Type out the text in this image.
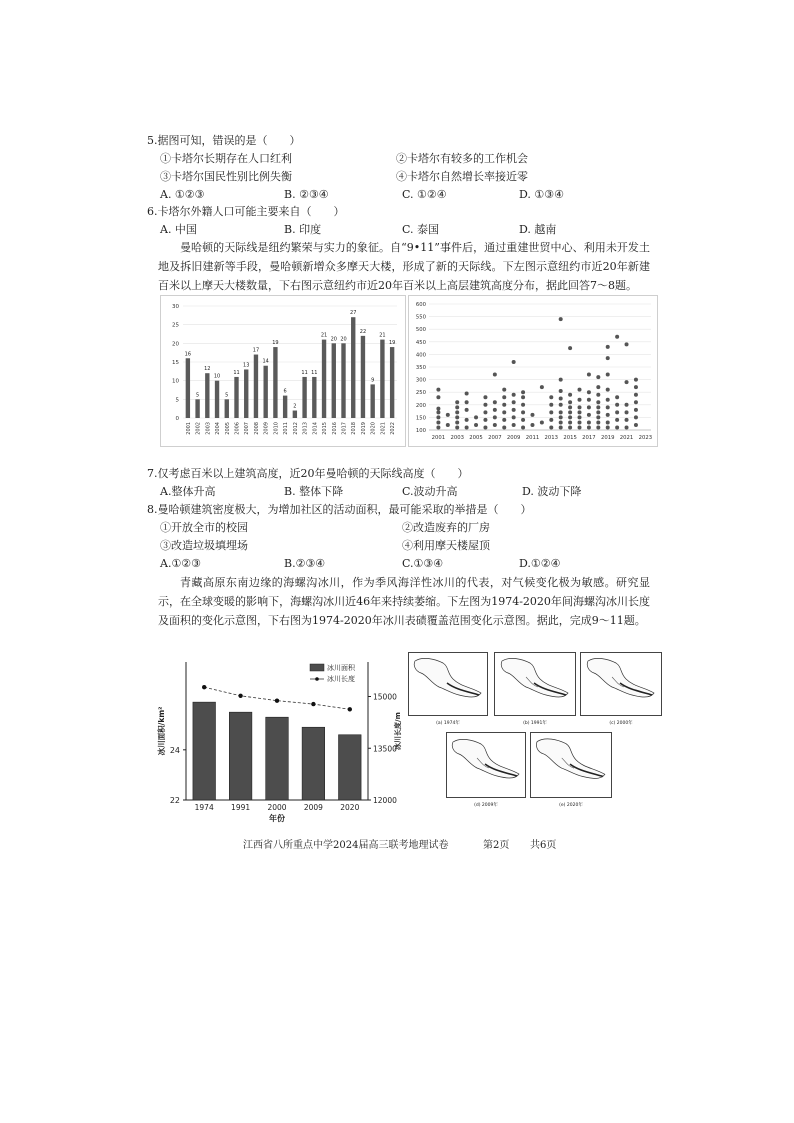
5.据图可知，错误的是（　　）
①卡塔尔长期存在人口红利	②卡塔尔有较多的工作机会
③卡塔尔国民性别比例失衡	④卡塔尔自然增长率接近零
A. ①②③	B. ②③④	C. ①②④	D. ①③④
6.卡塔尔外籍人口可能主要来自（　　）
A. 中国	B. 印度	C. 泰国	D. 越南
曼哈顿的天际线是纽约繁荣与实力的象征。自“9•11”事件后，通过重建世贸中心、利用未开发土地及拆旧建新等手段，曼哈顿新增众多摩天大楼，形成了新的天际线。下左图示意纽约市近20年新建百米以上摩天大楼数量，下右图示意纽约市近20年百米以上高层建筑高度分布，据此回答7～8题。
0
5
10
15
20
25
30
16
2001
5
2002
12
2003
10
2004
5
2005
11
2006
13
2007
17
2008
14
2009
19
2010
6
2011
2
2012
11
2013
11
2014
21
2015
20
2016
20
2017
27
2018
22
2019
9
2020
21
2021
19
2022	100
150
200
250
300
350
400
450
500
550
600
2001 2003 2005 2007 2009 2011 2013 2015 2017 2019 2021 2023
7.仅考虑百米以上建筑高度，近20年曼哈顿的天际线高度（　　）
A.整体升高	B. 整体下降	C.波动升高	D. 波动下降
8.曼哈顿建筑密度极大，为增加社区的活动面积，最可能采取的举措是（　　）
①开放全市的校园	②改造废弃的厂房
③改造垃圾填埋场	④利用摩天楼屋顶
A.①②③	B.②③④	C.①③④	D.①②④
青藏高原东南边缘的海螺沟冰川，作为季风海洋性冰川的代表，对气候变化极为敏感。研究显示，在全球变暖的影响下，海螺沟冰川近46年来持续萎缩。下左图为1974-2020年间海螺沟冰川长度及面积的变化示意图，下右图为1974-2020年冰川表碛覆盖范围变化示意图。据此，完成9～11题。
22
24
12000
13500
15000
1974 1991 2000 2009 2020
年份
冰川面积/km²	冰川长度/m
冰川面积
冰川长度
(a) 1974年	(b) 1991年	(c) 2000年
(d) 2009年	(e) 2020年
江西省八所重点中学2024届高三联考地理试卷	第2页 共6页
